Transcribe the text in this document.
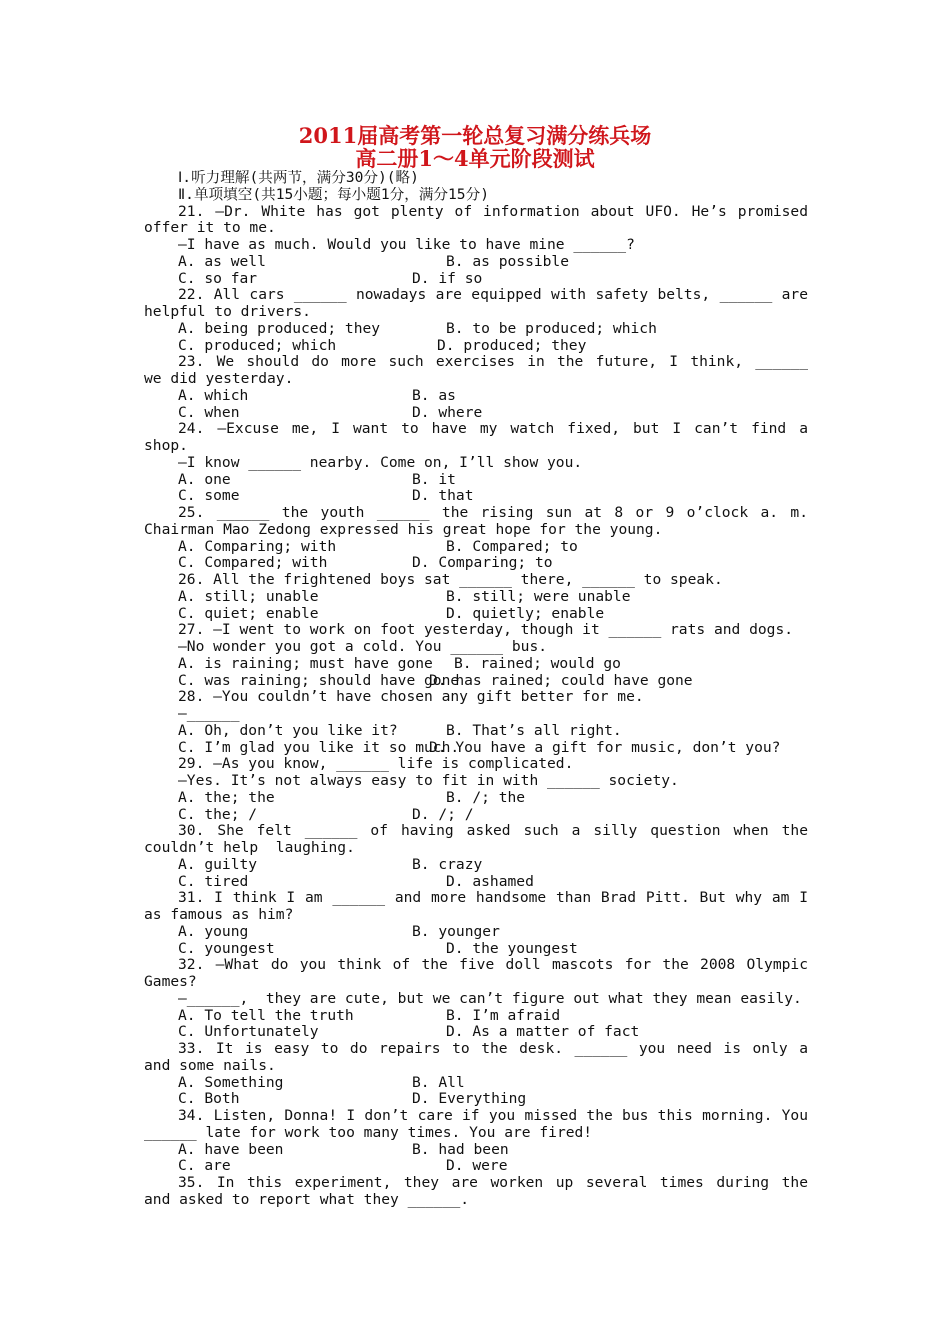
2011届高考第一轮总复习满分练兵场
高二册1～4单元阶段测试
Ⅰ.听力理解(共两节，满分30分)(略)
Ⅱ.单项填空(共15小题；每小题1分，满分15分)
21. —Dr. White has got plenty of information about UFO. He’s promised
offer it to me.
—I have as much. Would you like to have mine ______?
A. as well	B. as possible
C. so far	D. if so
22. All cars ______ nowadays are equipped with safety belts, ______ are
helpful to drivers.
A. being produced; they	B. to be produced; which
C. produced; which	D. produced; they
23. We should do more such exercises in the future, I think, ______
we did yesterday.
A. which	B. as
C. when	D. where
24. —Excuse me, I want to have my watch fixed, but I can’t find a
shop.
—I know ______ nearby. Come on, I’ll show you.
A. one	B. it
C. some	D. that
25. ______ the youth ______ the rising sun at 8 or 9 o’clock a. m.
Chairman Mao Zedong expressed his great hope for the young.
A. Comparing; with	B. Compared; to
C. Compared; with	D. Comparing; to
26. All the frightened boys sat ______ there, ______ to speak.
A. still; unable	B. still; were unable
C. quiet; enable	D. quietly; enable
27. —I went to work on foot yesterday, though it ______ rats and dogs.
—No wonder you got a cold. You ______ bus.
A. is raining; must have gone	B. rained; would go
C. was raining; should have gone
D. has rained; could have gone
28. —You couldn’t have chosen any gift better for me.
—______
A. Oh, don’t you like it?	B. That’s all right.
C. I’m glad you like it so much.
D. You have a gift for music, don’t you?
29. —As you know, ______ life is complicated.
—Yes. It’s not always easy to fit in with ______ society.
A. the; the	B. /; the
C. the; /	D. /; /
30. She felt ______ of having asked such a silly question when the
couldn’t help  laughing.
A. guilty	B. crazy
C. tired	D. ashamed
31. I think I am ______ and more handsome than Brad Pitt. But why am I
as famous as him?
A. young	B. younger
C. youngest	D. the youngest
32. —What do you think of the five doll mascots for the 2008 Olympic
Games?
—______,  they are cute, but we can’t figure out what they mean easily.
A. To tell the truth	B. I’m afraid
C. Unfortunately	D. As a matter of fact
33. It is easy to do repairs to the desk. ______ you need is only a
and some nails.
A. Something	B. All
C. Both	D. Everything
34. Listen, Donna! I don’t care if you missed the bus this morning. You
______ late for work too many times. You are fired!
A. have been	B. had been
C. are	D. were
35. In this experiment, they are worken up several times during the
and asked to report what they ______.
